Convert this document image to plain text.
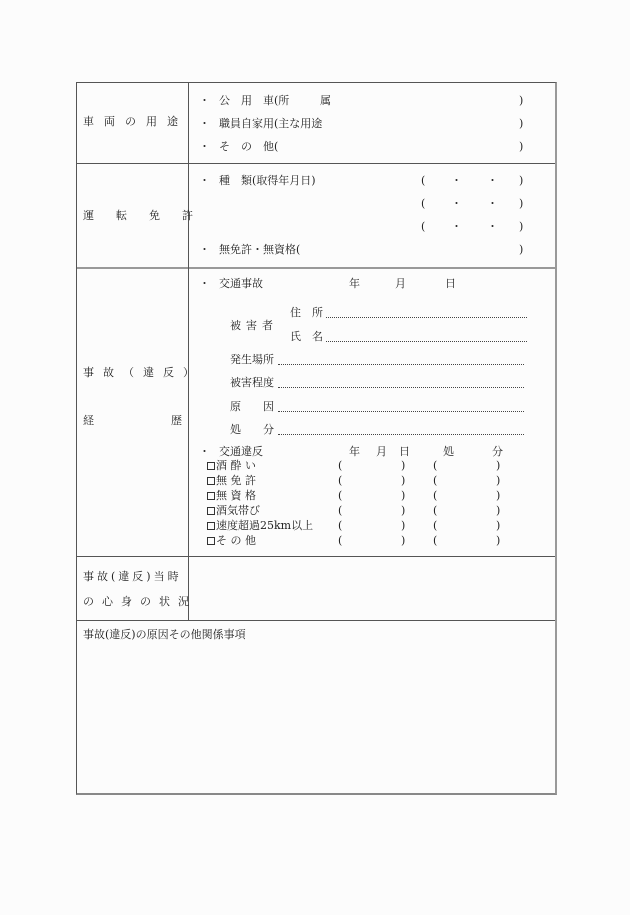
車両の用途
・ 公　用　車(所	属	)
・ 職員自家用(主な用途	)
・ そ　の　他(	)
運転免許
・ 種　類(取得年月日)	( ・ ・ )
( ・ ・ )
( ・ ・ )
・ 無免許・無資格(	)
事故（違反）
経	歴
・ 交通事故	年	月	日
被害者
住　所
氏　名
発生場所
被害程度
原　　因
処　　分
・ 交通違反	年 月 日	処	分
酒 酔 い	(	)	(	)
無 免 許	(	)	(	)
無 資 格	(	)	(	)
酒気帯び	(	)	(	)
速度超過25km以上 (	)	(	)
そ の 他	(	)	(	)
事故(違反)当時
の心身の状況
事故(違反)の原因その他関係事項
